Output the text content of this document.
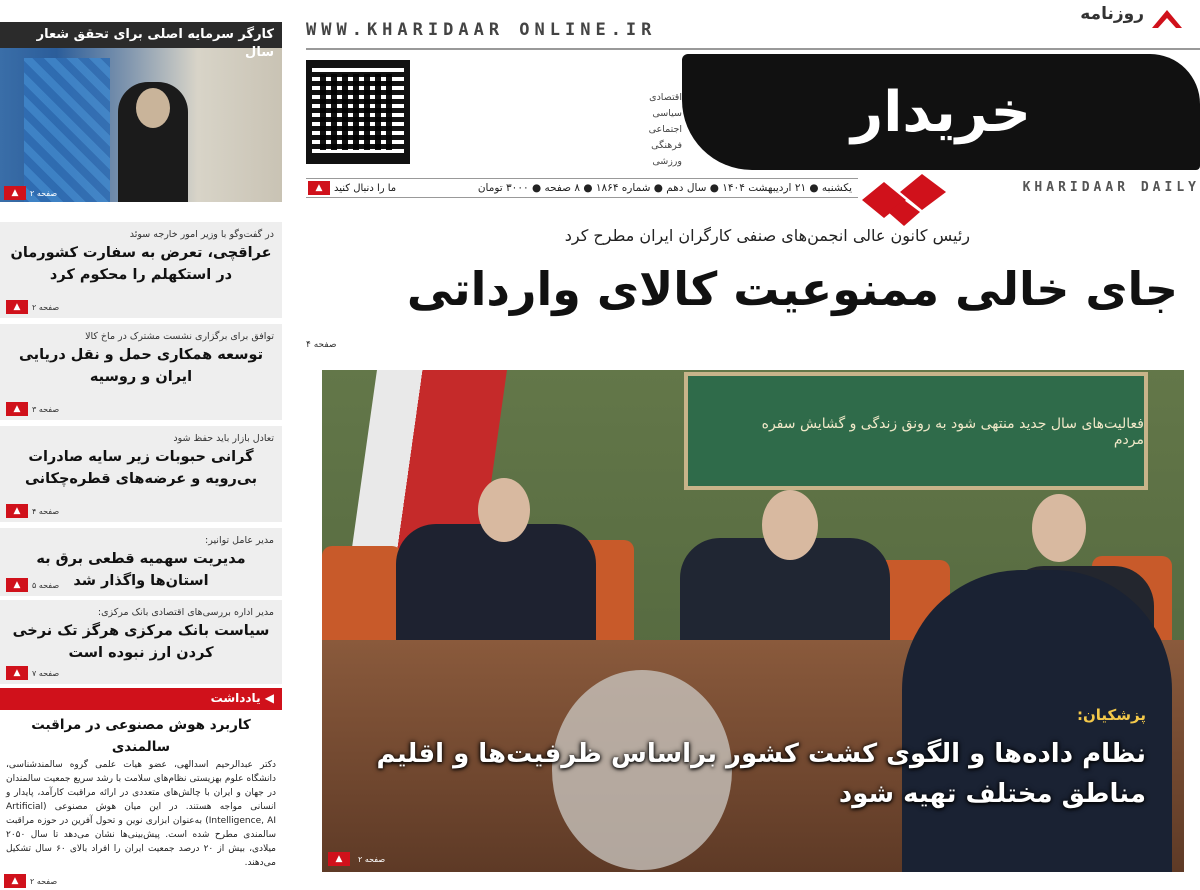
کارگر سرمایه اصلی برای تحقق شعار سال
▲	صفحه ۲
در گفت‌وگو با وزیر امور خارجه سوئد
عراقچی، تعرض به سفارت کشورمان در استکهلم را محکوم کرد
▲	صفحه ۲
توافق برای برگزاری نشست مشترک در ماخ کالا
توسعه همکاری حمل و نقل دریایی ایران و روسیه
▲	صفحه ۳
تعادل بازار باید حفظ شود
گرانی حبوبات زیر سایه صادرات بی‌رویه و عرضه‌های قطره‌چکانی
▲	صفحه ۴
مدیر عامل توانیر:
مدیریت سهمیه قطعی برق به استان‌ها واگذار شد
▲	صفحه ۵
مدیر اداره بررسی‌های اقتصادی بانک مرکزی:
سیاست بانک مرکزی هرگز تک نرخی کردن ارز نبوده است
▲	صفحه ۷
◀ یادداشت
کاربرد هوش مصنوعی در مراقبت سالمندی
دکتر عبدالرحیم اسدالهی، عضو هیات علمی گروه سالمندشناسی، دانشگاه علوم بهزیستی نظام‌های سلامت با رشد سریع جمعیت سالمندان در جهان و ایران با چالش‌های متعددی در ارائه مراقبت کارآمد، پایدار و انسانی مواجه هستند. در این میان هوش مصنوعی (Artificial Intelligence, AI) به‌عنوان ابزاری نوین و تحول آفرین در حوزه مراقبت سالمندی مطرح شده است. پیش‌بینی‌ها نشان می‌دهد تا سال ۲۰۵۰ میلادی، بیش از ۲۰ درصد جمعیت ایران را افراد بالای ۶۰ سال تشکیل می‌دهند.
▲	صفحه ۲
WWW.KHARIDAAR ONLINE.IR
روزنامه
اقتصادی
سیاسی
اجتماعی
فرهنگی
ورزشی
خریدار
KHARIDAAR DAILY
یکشنبه ● ۲۱ اردیبهشت ۱۴۰۴ ● سال دهم ● شماره ۱۸۶۴ ● ۸ صفحه ● ۳۰۰۰ تومان
ما را دنبال کنید
▲
رئیس کانون عالی انجمن‌های صنفی کارگران ایران مطرح کرد
جای خالی ممنوعیت کالای وارداتی
صفحه ۴
فعالیت‌های سال جدید منتهی شود به رونق زندگی و گشایش سفره مردم
پزشکیان:
نظام داده‌ها و الگوی کشت کشور براساس ظرفیت‌ها و اقلیم مناطق مختلف تهیه شود
▲	صفحه ۲
